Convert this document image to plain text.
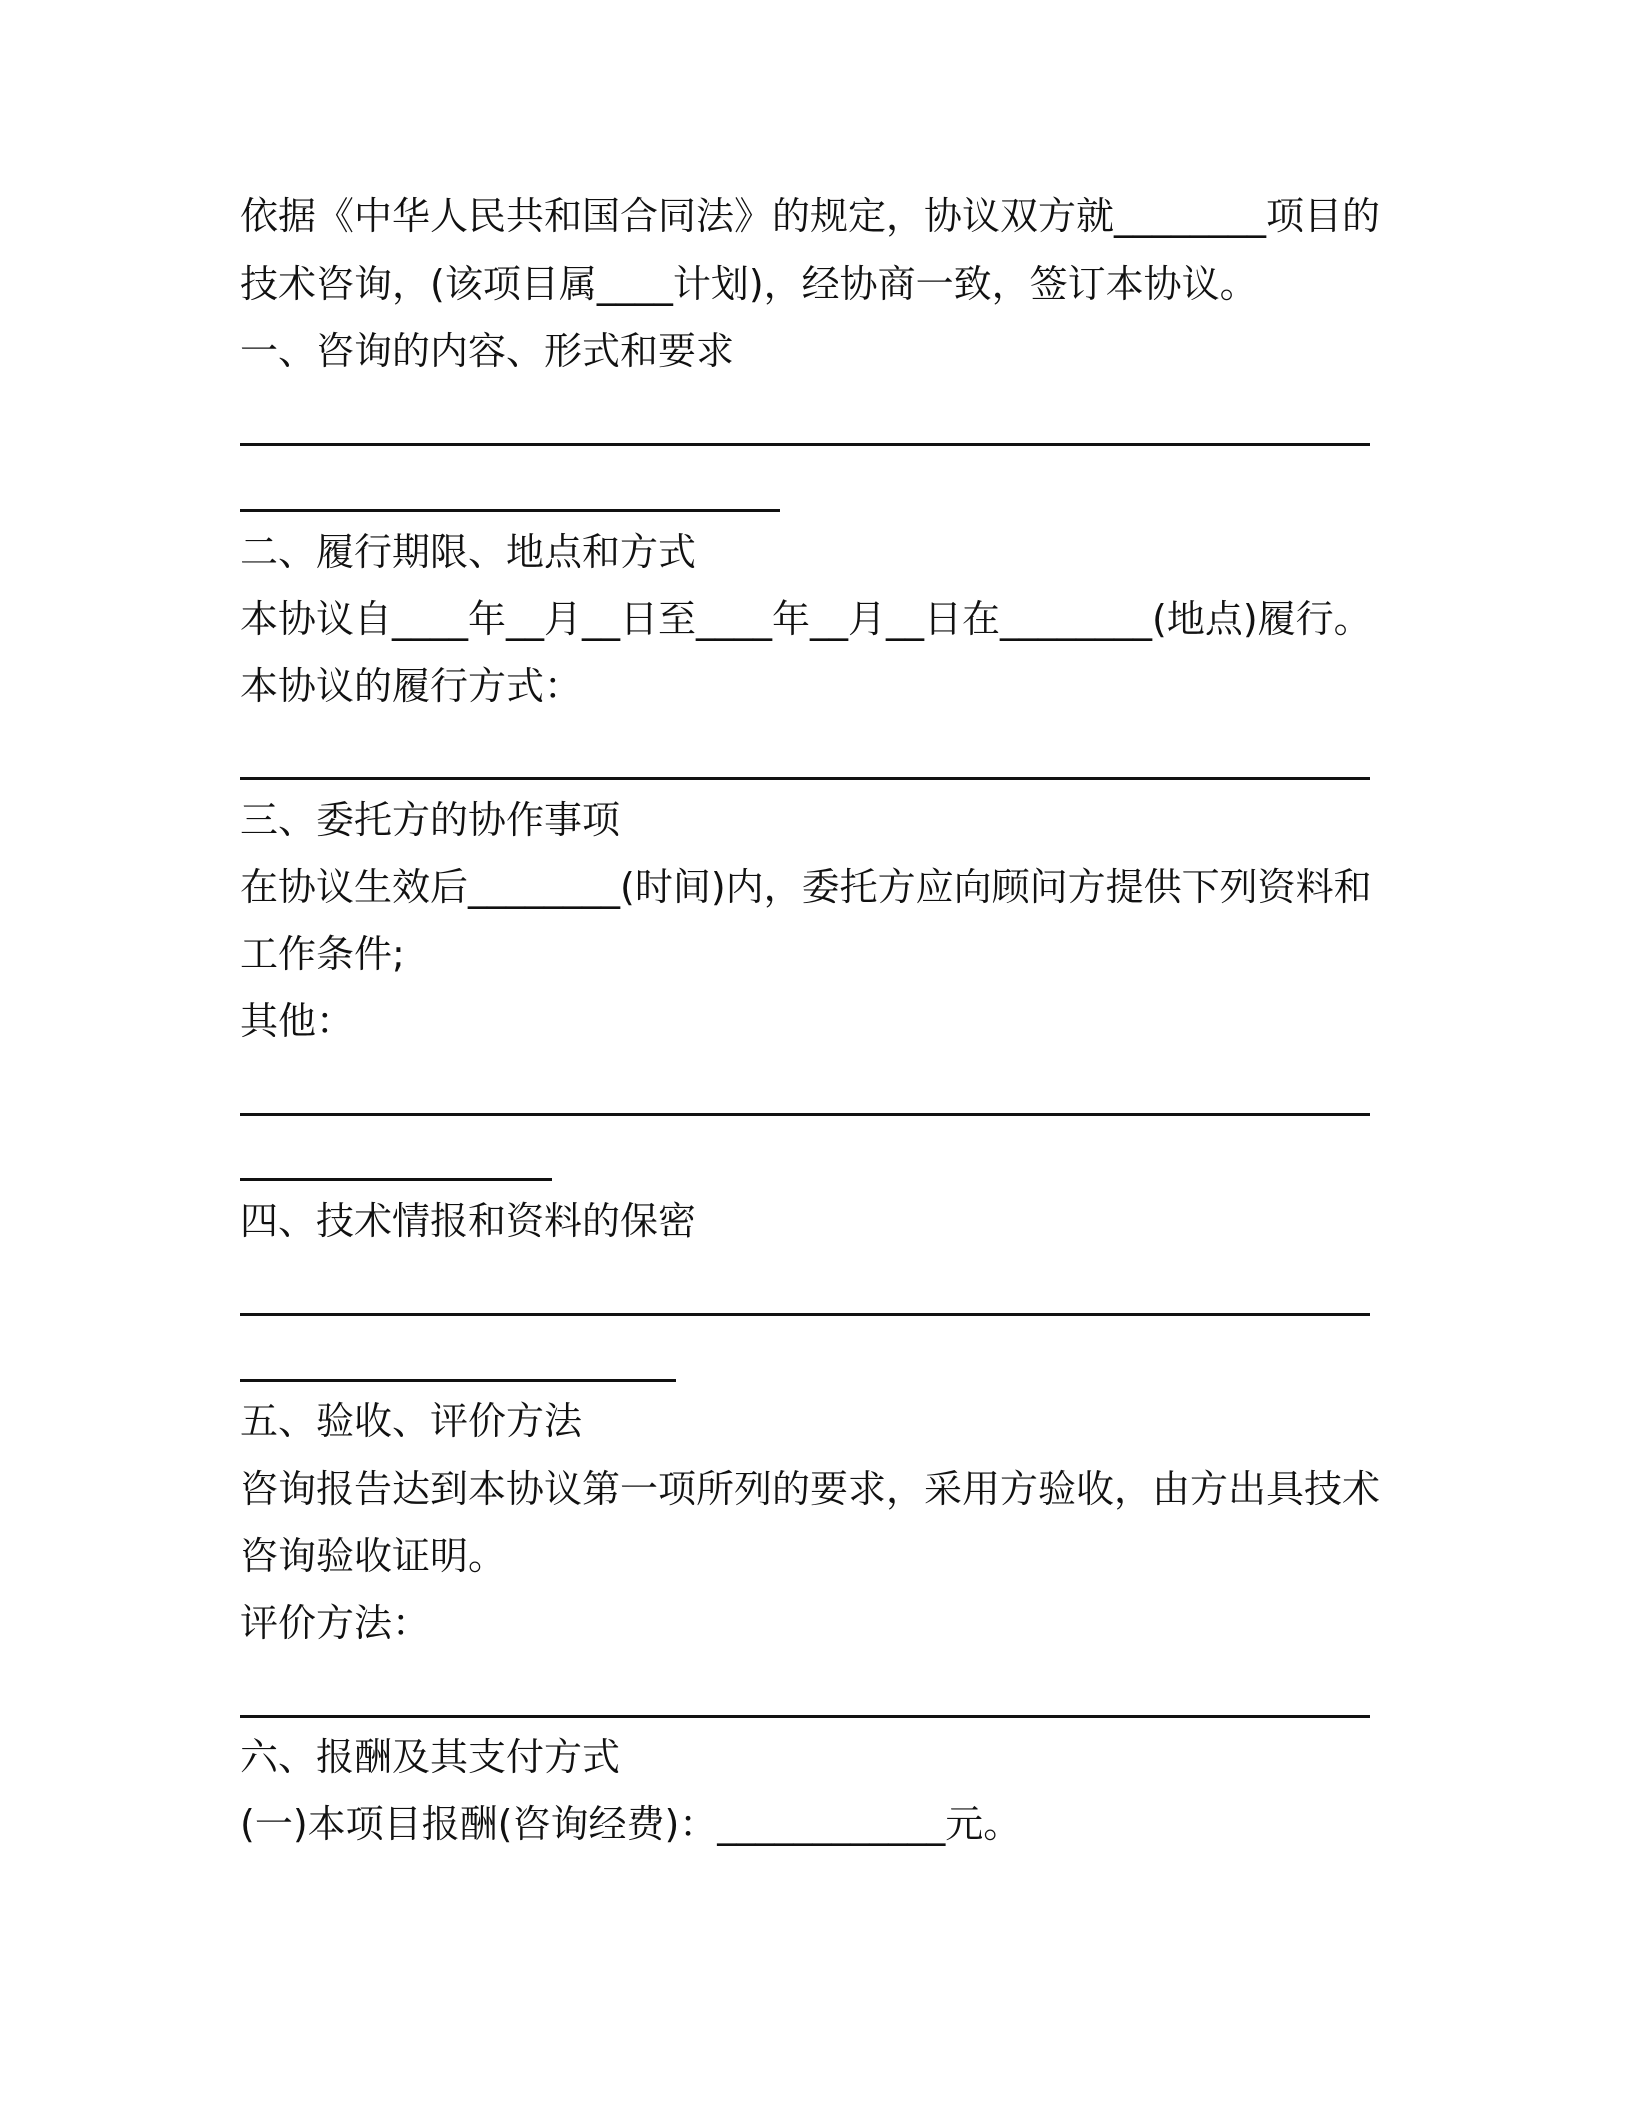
依据《中华人民共和国合同法》的规定，协议双方就________项目的
技术咨询，(该项目属____计划)，经协商一致，签订本协议。
一、咨询的内容、形式和要求
二、履行期限、地点和方式
本协议自____年__月__日至____年__月__日在________(地点)履行。
本协议的履行方式：
三、委托方的协作事项
在协议生效后________(时间)内，委托方应向顾问方提供下列资料和
工作条件;
其他：
四、技术情报和资料的保密
五、验收、评价方法
咨询报告达到本协议第一项所列的要求，采用方验收，由方出具技术
咨询验收证明。
评价方法：
六、报酬及其支付方式
(一)本项目报酬(咨询经费)：____________元。
